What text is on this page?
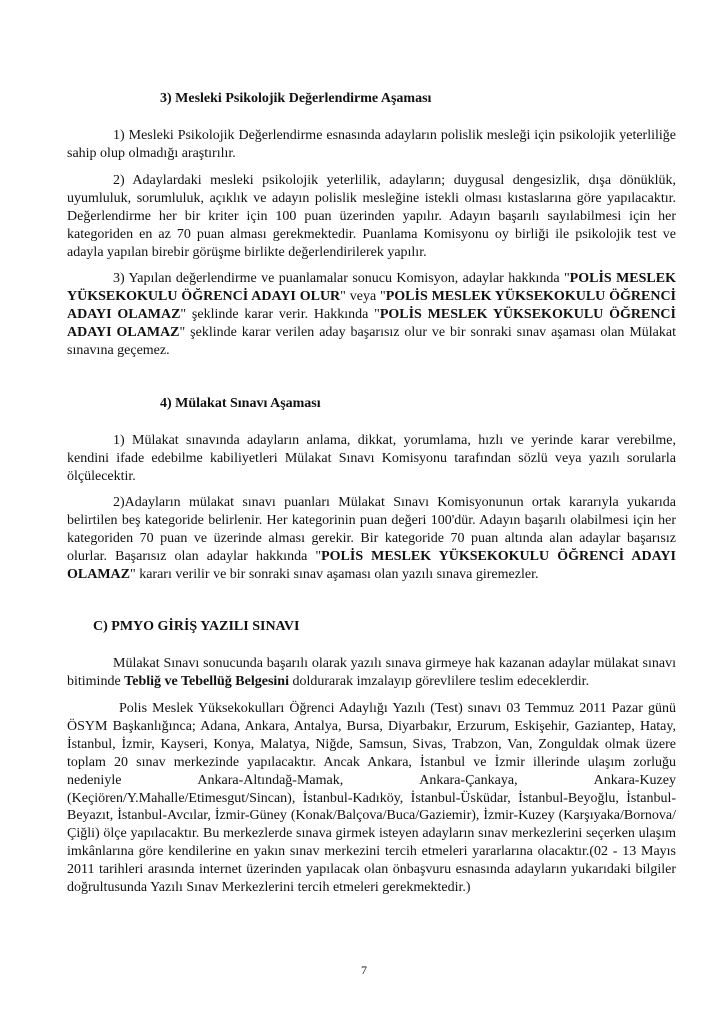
3) Mesleki Psikolojik Değerlendirme Aşaması

1) Mesleki Psikolojik Değerlendirme esnasında adayların polislik mesleği için psikolojik yeterliliğe sahip olup olmadığı araştırılır.

2) Adaylardaki mesleki psikolojik yeterlilik, adayların; duygusal dengesizlik, dışa dönüklük, uyumluluk, sorumluluk, açıklık ve adayın polislik mesleğine istekli olması kıstaslarına göre yapılacaktır. Değerlendirme her bir kriter için 100 puan üzerinden yapılır. Adayın başarılı sayılabilmesi için her kategoriden en az 70 puan alması gerekmektedir. Puanlama Komisyonu oy birliği ile psikolojik test ve adayla yapılan birebir görüşme birlikte değerlendirilerek yapılır.

3) Yapılan değerlendirme ve puanlamalar sonucu Komisyon, adaylar hakkında "POLİS MESLEK YÜKSEKOKULU ÖĞRENCİ ADAYI OLUR" veya "POLİS MESLEK YÜKSEKOKULU ÖĞRENCİ ADAYI OLAMAZ" şeklinde karar verir. Hakkında "POLİS MESLEK YÜKSEKOKULU ÖĞRENCİ ADAYI OLAMAZ" şeklinde karar verilen aday başarısız olur ve bir sonraki sınav aşaması olan Mülakat sınavına geçemez.

4) Mülakat Sınavı Aşaması

1) Mülakat sınavında adayların anlama, dikkat, yorumlama, hızlı ve yerinde karar verebilme, kendini ifade edebilme kabiliyetleri Mülakat Sınavı Komisyonu tarafından sözlü veya yazılı sorularla ölçülecektir.

2)Adayların mülakat sınavı puanları Mülakat Sınavı Komisyonunun ortak kararıyla yukarıda belirtilen beş kategoride belirlenir. Her kategorinin puan değeri 100'dür. Adayın başarılı olabilmesi için her kategoriden 70 puan ve üzerinde alması gerekir. Bir kategoride 70 puan altında alan adaylar başarısız olurlar. Başarısız olan adaylar hakkında "POLİS MESLEK YÜKSEKOKULU ÖĞRENCİ ADAYI OLAMAZ" kararı verilir ve bir sonraki sınav aşaması olan yazılı sınava giremezler.

C) PMYO GİRİŞ YAZILI SINAVI

Mülakat Sınavı sonucunda başarılı olarak yazılı sınava girmeye hak kazanan adaylar mülakat sınavı bitiminde Tebliğ ve Tebellüğ Belgesini doldurarak imzalayıp görevlilere teslim edeceklerdir.

Polis Meslek Yüksekokulları Öğrenci Adaylığı Yazılı (Test) sınavı 03 Temmuz 2011 Pazar günü ÖSYM Başkanlığınca; Adana, Ankara, Antalya, Bursa, Diyarbakır, Erzurum, Eskişehir, Gaziantep, Hatay, İstanbul, İzmir, Kayseri, Konya, Malatya, Niğde, Samsun, Sivas, Trabzon, Van, Zonguldak olmak üzere toplam 20 sınav merkezinde yapılacaktır. Ancak Ankara, İstanbul ve İzmir illerinde ulaşım zorluğu nedeniyle Ankara-Altındağ-Mamak, Ankara-Çankaya, Ankara-Kuzey (Keçiören/Y.Mahalle/Etimesgut/Sincan), İstanbul-Kadıköy, İstanbul-Üsküdar, İstanbul-Beyoğlu, İstanbul-Beyazıt, İstanbul-Avcılar, İzmir-Güney (Konak/Balçova/Buca/Gaziemir), İzmir-Kuzey (Karşıyaka/Bornova/Çiğli) ölçe yapılacaktır. Bu merkezlerde sınava girmek isteyen adayların sınav merkezlerini seçerken ulaşım imkânlarına göre kendilerine en yakın sınav merkezini tercih etmeleri yararlarına olacaktır.(02 - 13 Mayıs 2011 tarihleri arasında internet üzerinden yapılacak olan önbaşvuru esnasında adayların yukarıdaki bilgiler doğrultusunda Yazılı Sınav Merkezlerini tercih etmeleri gerekmektedir.)

7
